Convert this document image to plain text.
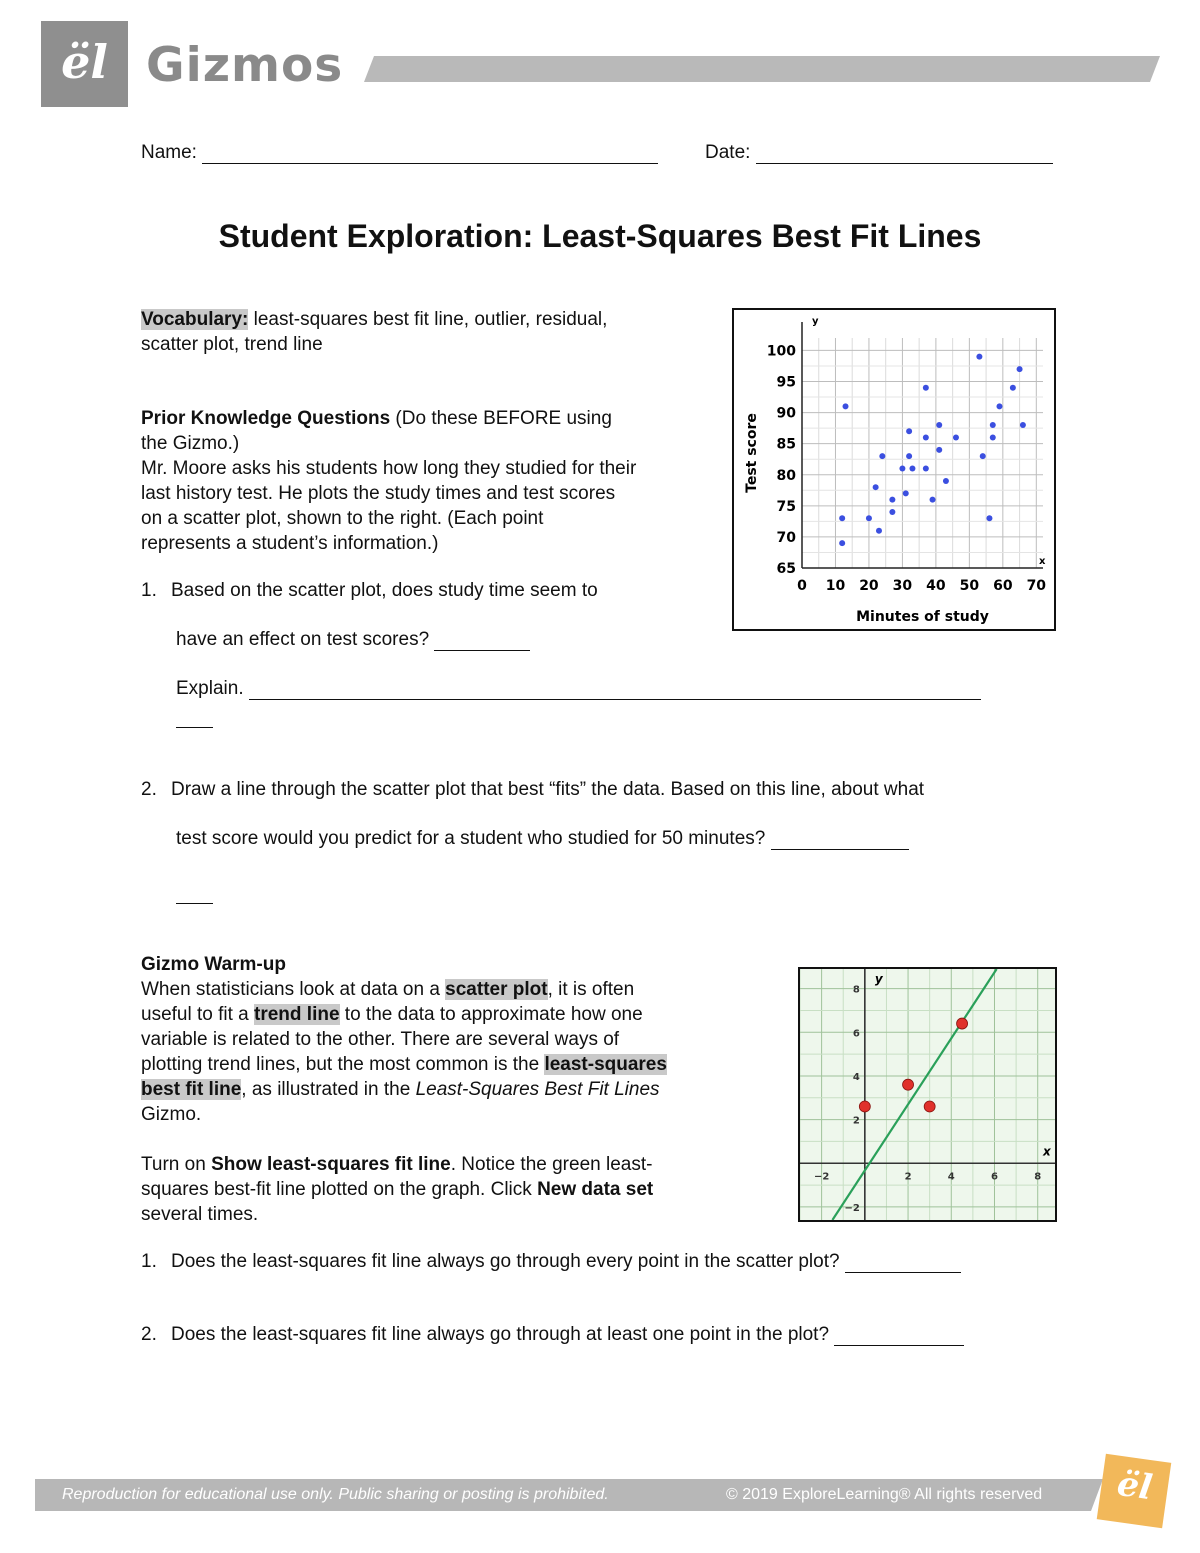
ël Gizmos
Name:	Date:
Student Exploration: Least-Squares Best Fit Lines
Vocabulary: least-squares best fit line, outlier, residual,
scatter plot, trend line
Prior Knowledge Questions (Do these BEFORE using
the Gizmo.)
Mr. Moore asks his students how long they studied for their
last history test. He plots the study times and test scores
on a scatter plot, shown to the right. (Each point
represents a student’s information.)
1. Based on the scatter plot, does study time seem to
have an effect on test scores?
Explain.
2. Draw a line through the scatter plot that best “fits” the data. Based on this line, about what
test score would you predict for a student who studied for 50 minutes?
x
y
0 10 20 30 40 50 60 70
65
70
75
80
85
90
95
100
Minutes of study
Test score
Gizmo Warm-up
When statisticians look at data on a scatter plot, it is often
useful to fit a trend line to the data to approximate how one
variable is related to the other. There are several ways of
plotting trend lines, but the most common is the least-squares
best fit line, as illustrated in the Least-Squares Best Fit Lines
Gizmo.
Turn on Show least-squares fit line. Notice the green least-
squares best-fit line plotted on the graph. Click New data set
several times.
1. Does the least-squares fit line always go through every point in the scatter plot?
2. Does the least-squares fit line always go through at least one point in the plot?
x
y
−2	2	4	6	8
−2
2
4
6
8
Reproduction for educational use only. Public sharing or posting is prohibited.	© 2019 ExploreLearning® All rights reserved	ël
